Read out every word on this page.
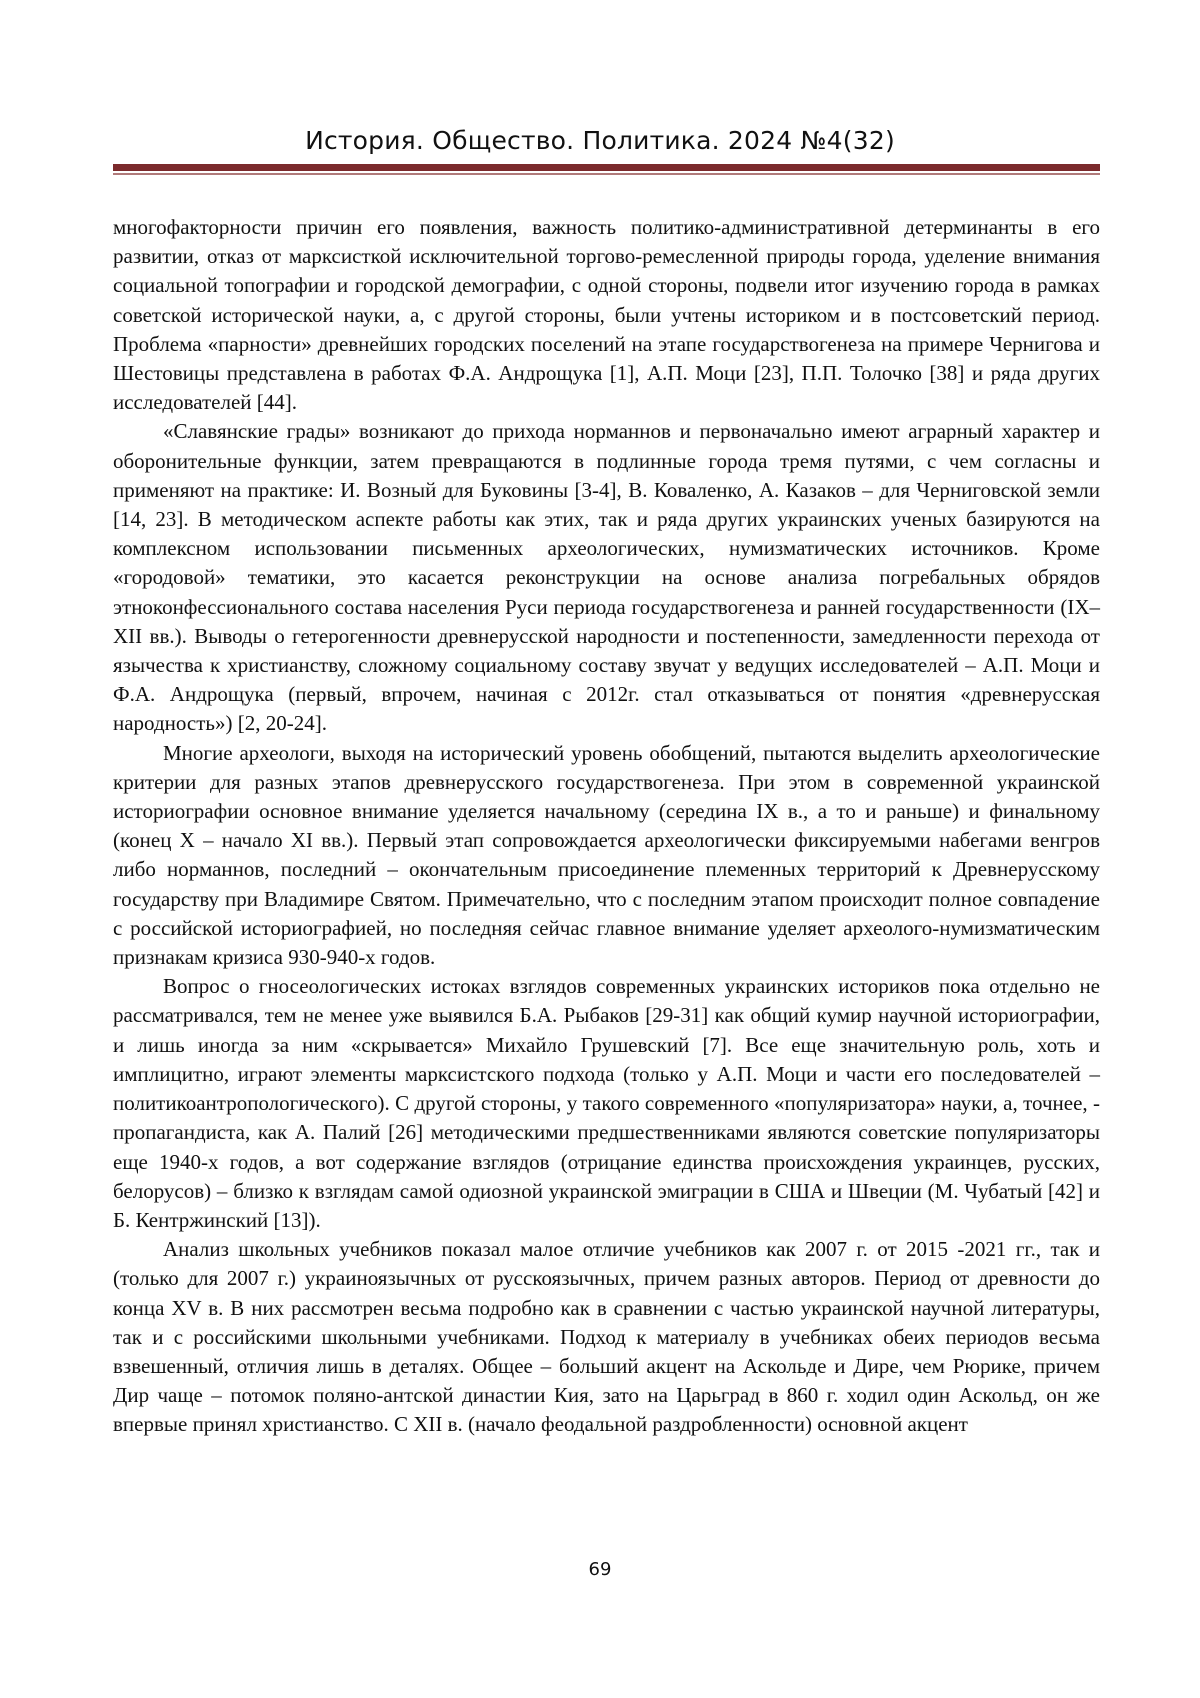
История. Общество. Политика. 2024 №4(32)

многофакторности причин его появления, важность политико-административной детерминанты в его развитии, отказ от марксисткой исключительной торгово-ремесленной природы города, уделение внимания социальной топографии и городской демографии, с одной стороны, подвели итог изучению города в рамках советской исторической науки, а, с другой стороны, были учтены историком и в постсоветский период. Проблема «парности» древнейших городских поселений на этапе государствогенеза на примере Чернигова и Шестовицы представлена в работах Ф.А. Андрощука [1], А.П. Моци [23], П.П. Толочко [38] и ряда других исследователей [44].

«Славянские грады» возникают до прихода норманнов и первоначально имеют аграрный характер и оборонительные функции, затем превращаются в подлинные города тремя путями, с чем согласны и применяют на практике: И. Возный для Буковины [3-4], В. Коваленко, А. Казаков – для Черниговской земли [14, 23]. В методическом аспекте работы как этих, так и ряда других украинских ученых базируются на комплексном использовании письменных археологических, нумизматических источников. Кроме «городовой» тематики, это касается реконструкции на основе анализа погребальных обрядов этноконфессионального состава населения Руси периода государствогенеза и ранней государственности (IX–XII вв.). Выводы о гетерогенности древнерусской народности и постепенности, замедленности перехода от язычества к христианству, сложному социальному составу звучат у ведущих исследователей – А.П. Моци и Ф.А. Андрощука (первый, впрочем, начиная с 2012г. стал отказываться от понятия «древнерусская народность») [2, 20-24].

Многие археологи, выходя на исторический уровень обобщений, пытаются выделить археологические критерии для разных этапов древнерусского государствогенеза. При этом в современной украинской историографии основное внимание уделяется начальному (середина IX в., а то и раньше) и финальному (конец X – начало XI вв.). Первый этап сопровождается археологически фиксируемыми набегами венгров либо норманнов, последний – окончательным присоединение племенных территорий к Древнерусскому государству при Владимире Святом. Примечательно, что с последним этапом происходит полное совпадение с российской историографией, но последняя сейчас главное внимание уделяет археолого-нумизматическим признакам кризиса 930-940-х годов.

Вопрос о гносеологических истоках взглядов современных украинских историков пока отдельно не рассматривался, тем не менее уже выявился Б.А. Рыбаков [29-31] как общий кумир научной историографии, и лишь иногда за ним «скрывается» Михайло Грушевский [7]. Все еще значительную роль, хоть и имплицитно, играют элементы марксистского подхода (только у А.П. Моци и части его последователей – политикоантропологического). С другой стороны, у такого современного «популяризатора» науки, а, точнее, - пропагандиста, как А. Палий [26] методическими предшественниками являются советские популяризаторы еще 1940-х годов, а вот содержание взглядов (отрицание единства происхождения украинцев, русских, белорусов) – близко к взглядам самой одиозной украинской эмиграции в США и Швеции (М. Чубатый [42] и Б. Кентржинский [13]).

Анализ школьных учебников показал малое отличие учебников как 2007 г. от 2015 -2021 гг., так и (только для 2007 г.) украиноязычных от русскоязычных, причем разных авторов. Период от древности до конца XV в. В них рассмотрен весьма подробно как в сравнении с частью украинской научной литературы, так и с российскими школьными учебниками. Подход к материалу в учебниках обеих периодов весьма взвешенный, отличия лишь в деталях. Общее – больший акцент на Аскольде и Дире, чем Рюрике, причем Дир чаще – потомок поляно-антской династии Кия, зато на Царьград в 860 г. ходил один Аскольд, он же впервые принял христианство. С XII в. (начало феодальной раздробленности) основной акцент

69
